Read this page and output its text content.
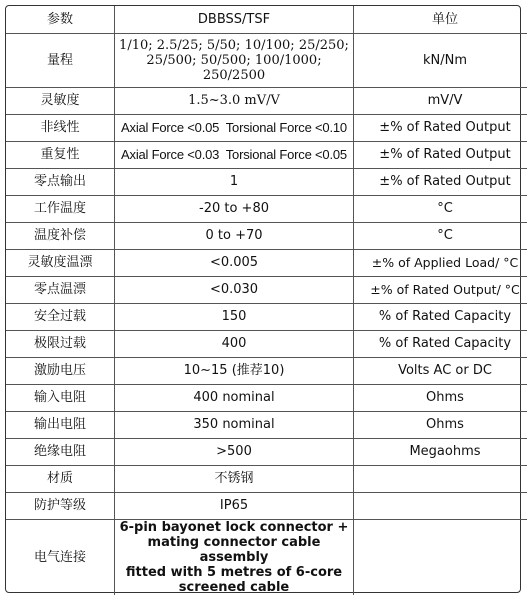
参数	DBBSS/TSF	单位
量程	1/10; 2.5/25; 5/50; 10/100; 25/250;
25/500; 50/500; 100/1000; 250/2500	kN/Nm
灵敏度	1.5~3.0 mV/V	mV/V
非线性	Axial Force <0.05  Torsional Force <0.10	±% of Rated Output
重复性	Axial Force <0.03  Torsional Force <0.05	±% of Rated Output
零点输出	1	±% of Rated Output
工作温度	-20 to +80	°C
温度补偿	0 to +70	°C
灵敏度温漂	<0.005	±% of Applied Load/ °C
零点温漂	<0.030	±% of Rated Output/ °C
安全过载	150	% of Rated Capacity
极限过载	400	% of Rated Capacity
激励电压	10~15 (推荐10)	Volts AC or DC
输入电阻	400 nominal	Ohms
输出电阻	350 nominal	Ohms
绝缘电阻	>500	Megaohms
材质	不锈钢	
防护等级	IP65	
电气连接	6-pin bayonet lock connector +
mating connector cable assembly
fitted with 5 metres of 6-core
screened cable	
